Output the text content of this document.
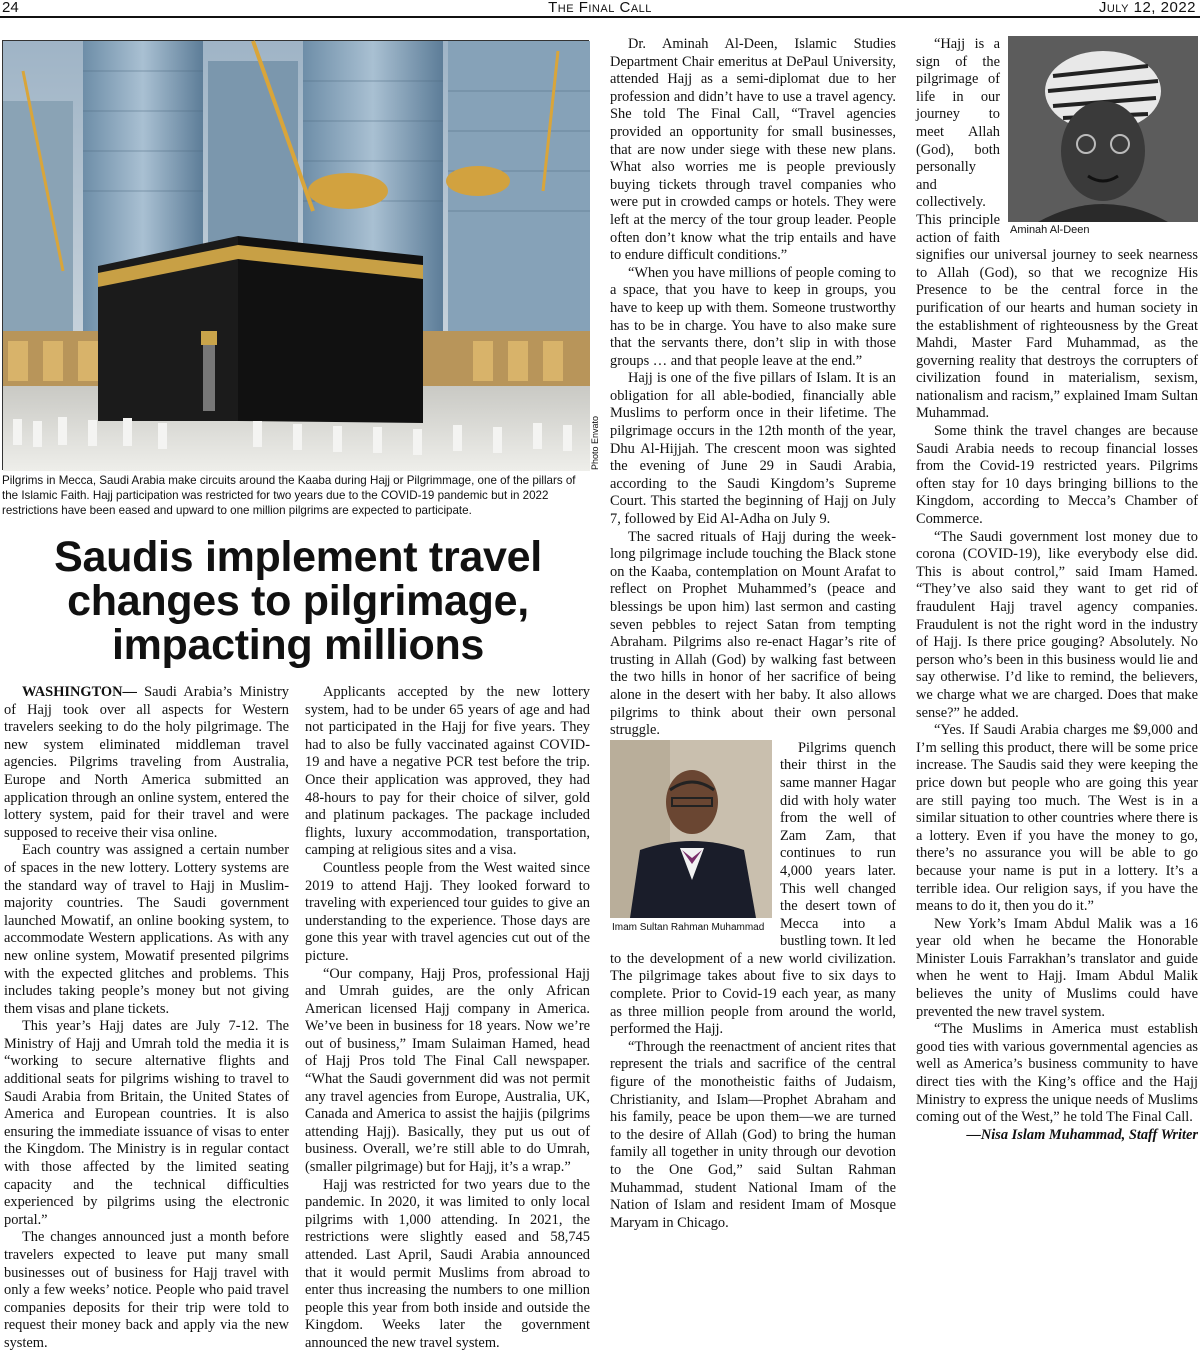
24	The Final Call	July 12, 2022
Photo Envato
Pilgrims in Mecca, Saudi Arabia make circuits around the Kaaba during Hajj or Pilgrimmage, one of the pillars of the Islamic Faith. Hajj participation was restricted for two years due to the COVID-19 pandemic but in 2022 restrictions have been eased and upward to one million pilgrims are expected to participate.
Saudis implement travel changes to pilgrimage, impacting millions

WASHINGTON— Saudi Arabia’s Ministry of Hajj took over all aspects for Western travelers seeking to do the holy pilgrimage. The new system eliminated middleman travel agencies. Pilgrims traveling from Australia, Europe and North America submitted an application through an online system, entered the lottery system, paid for their travel and were supposed to receive their visa online.

Each country was assigned a certain number of spaces in the new lottery. Lottery systems are the standard way of travel to Hajj in Muslim-majority countries. The Saudi government launched Mowatif, an online booking system, to accommodate Western applications. As with any new online system, Mowatif presented pilgrims with the expected glitches and problems. This includes taking people’s money but not giving them visas and plane tickets.

This year’s Hajj dates are July 7-12. The Ministry of Hajj and Umrah told the media it is “working to secure alternative flights and additional seats for pilgrims wishing to travel to Saudi Arabia from Britain, the United States of America and European countries. It is also ensuring the immediate issuance of visas to enter the Kingdom. The Ministry is in regular contact with those affected by the limited seating capacity and the technical difficulties experienced by pilgrims using the electronic portal.”

The changes announced just a month before travelers expected to leave put many small businesses out of business for Hajj travel with only a few weeks’ notice. People who paid travel companies deposits for their trip were told to request their money back and apply via the new system.

Applicants accepted by the new lottery system, had to be under 65 years of age and had not participated in the Hajj for five years. They had to also be fully vaccinated against COVID-19 and have a negative PCR test before the trip. Once their application was approved, they had 48-hours to pay for their choice of silver, gold and platinum packages. The package included flights, luxury accommodation, transportation, camping at religious sites and a visa.

Countless people from the West waited since 2019 to attend Hajj. They looked forward to traveling with experienced tour guides to give an understanding to the experience. Those days are gone this year with travel agencies cut out of the picture.

“Our company, Hajj Pros, professional Hajj and Umrah guides, are the only African American licensed Hajj company in America. We’ve been in business for 18 years. Now we’re out of business,” Imam Sulaiman Hamed, head of Hajj Pros told The Final Call newspaper. “What the Saudi government did was not permit any travel agencies from Europe, Australia, UK, Canada and America to assist the hajjis (pilgrims attending Hajj). Basically, they put us out of business. Overall, we’re still able to do Umrah, (smaller pilgrimage) but for Hajj, it’s a wrap.”

Hajj was restricted for two years due to the pandemic. In 2020, it was limited to only local pilgrims with 1,000 attending. In 2021, the restrictions were slightly eased and 58,745 attended. Last April, Saudi Arabia announced that it would permit Muslims from abroad to enter thus increasing the numbers to one million people this year from both inside and outside the Kingdom. Weeks later the government announced the new travel system.

Dr. Aminah Al-Deen, Islamic Studies Department Chair emeritus at DePaul University, attended Hajj as a semi-diplomat due to her profession and didn’t have to use a travel agency. She told The Final Call, “Travel agencies provided an opportunity for small businesses, that are now under siege with these new plans. What also worries me is people previously buying tickets through travel companies who were put in crowded camps or hotels. They were left at the mercy of the tour group leader. People often don’t know what the trip entails and have to endure difficult conditions.”

“When you have millions of people coming to a space, that you have to keep in groups, you have to keep up with them. Someone trustworthy has to be in charge. You have to also make sure that the servants there, don’t slip in with those groups … and that people leave at the end.”

Hajj is one of the five pillars of Islam. It is an obligation for all able-bodied, financially able Muslims to perform once in their lifetime. The pilgrimage occurs in the 12th month of the year, Dhu Al-Hijjah. The crescent moon was sighted the evening of June 29 in Saudi Arabia, according to the Saudi Kingdom’s Supreme Court. This started the beginning of Hajj on July 7, followed by Eid Al-Adha on July 9.

The sacred rituals of Hajj during the week-long pilgrimage include touching the Black stone on the Kaaba, contemplation on Mount Arafat to reflect on Prophet Muhammed’s (peace and blessings be upon him) last sermon and casting seven pebbles to reject Satan from tempting Abraham. Pilgrims also re-enact Hagar’s rite of trusting in Allah (God) by walking fast between the two hills in honor of her sacrifice of being alone in the desert with her baby. It also allows pilgrims to think about their own personal struggle.

Imam Sultan Rahman Muhammad

Pilgrims quench their thirst in the same manner Hagar did with holy water from the well of Zam Zam, that continues to run 4,000 years later. This well changed the desert town of Mecca into a bustling town. It led to the development of a new world civilization. The pilgrimage takes about five to six days to complete. Prior to Covid-19 each year, as many as three million people from around the world, performed the Hajj.

“Through the reenactment of ancient rites that represent the trials and sacrifice of the central figure of the monotheistic faiths of Judaism, Christianity, and Islam—Prophet Abraham and his family, peace be upon them—we are turned to the desire of Allah (God) to bring the human family all together in unity through our devotion to the One God,” said Sultan Rahman Muhammad, student National Imam of the Nation of Islam and resident Imam of Mosque Maryam in Chicago.

Aminah Al-Deen

“Hajj is a sign of the pilgrimage of life in our journey to meet Allah (God), both personally and collectively. This principle action of faith signifies our universal journey to seek nearness to Allah (God), so that we recognize His Presence to be the central force in the purification of our hearts and human society in the establishment of righteousness by the Great Mahdi, Master Fard Muhammad, as the governing reality that destroys the corrupters of civilization found in materialism, sexism, nationalism and racism,” explained Imam Sultan Muhammad.

Some think the travel changes are because Saudi Arabia needs to recoup financial losses from the Covid-19 restricted years. Pilgrims often stay for 10 days bringing billions to the Kingdom, according to Mecca’s Chamber of Commerce.

“The Saudi government lost money due to corona (COVID-19), like everybody else did. This is about control,” said Imam Hamed. “They’ve also said they want to get rid of fraudulent Hajj travel agency companies. Fraudulent is not the right word in the industry of Hajj. Is there price gouging? Absolutely. No person who’s been in this business would lie and say otherwise. I’d like to remind, the believers, we charge what we are charged. Does that make sense?” he added.

“Yes. If Saudi Arabia charges me $9,000 and I’m selling this product, there will be some price increase. The Saudis said they were keeping the price down but people who are going this year are still paying too much. The West is in a similar situation to other countries where there is a lottery. Even if you have the money to go, there’s no assurance you will be able to go because your name is put in a lottery. It’s a terrible idea. Our religion says, if you have the means to do it, then you do it.”

New York’s Imam Abdul Malik was a 16 year old when he became the Honorable Minister Louis Farrakhan’s translator and guide when he went to Hajj. Imam Abdul Malik believes the unity of Muslims could have prevented the new travel system.

“The Muslims in America must establish good ties with various governmental agencies as well as America’s business community to have direct ties with the King’s office and the Hajj Ministry to express the unique needs of Muslims coming out of the West,” he told The Final Call.

—Nisa Islam Muhammad, Staff Writer
